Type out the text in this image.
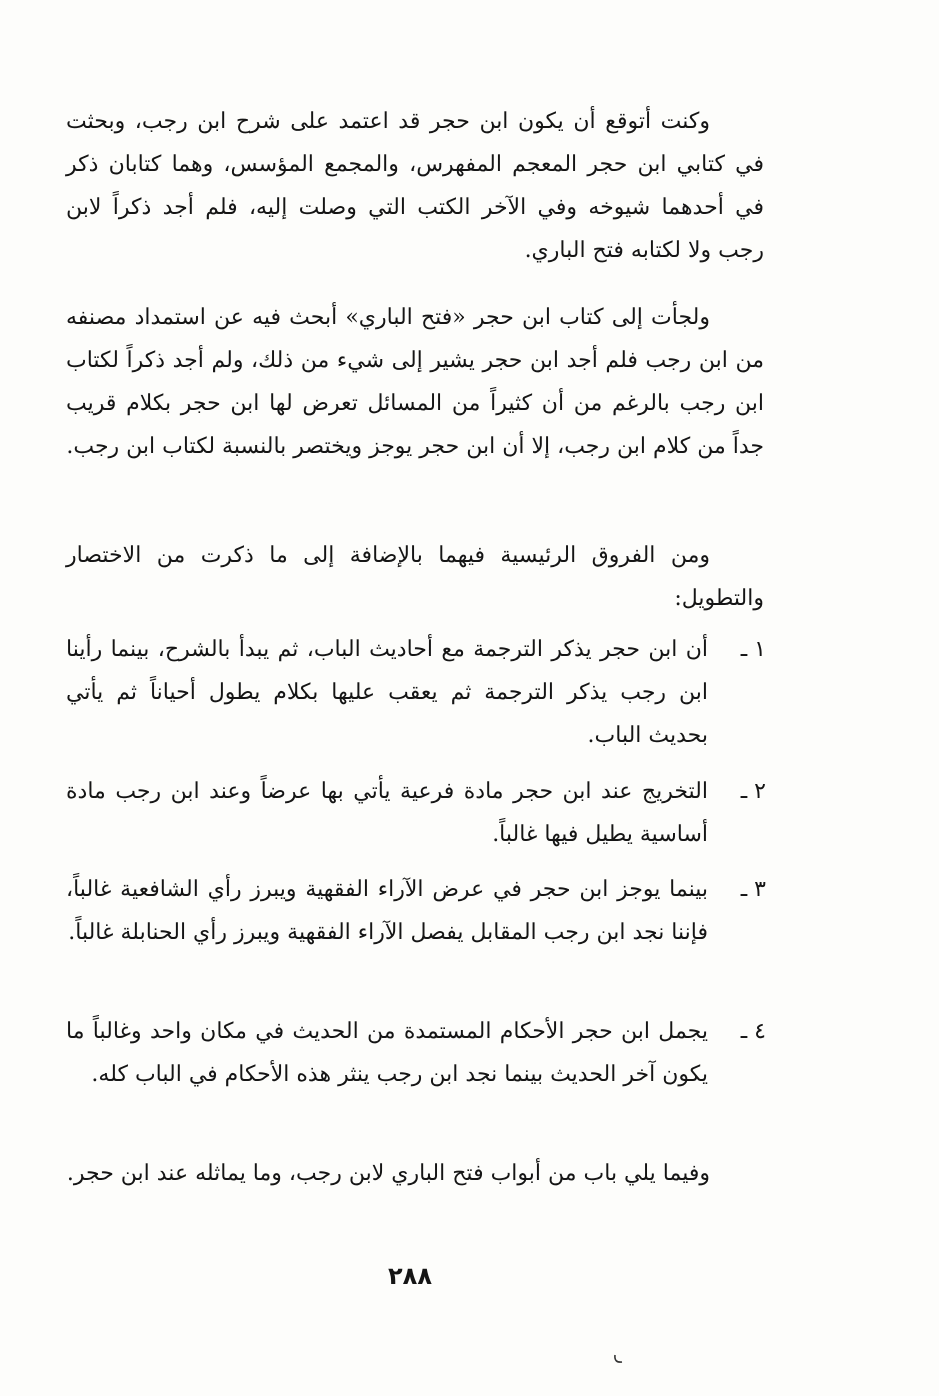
وكنت أتوقع أن يكون ابن حجر قد اعتمد على شرح ابن رجب، وبحثت في كتابي ابن حجر المعجم المفهرس، والمجمع المؤسس، وهما كتابان ذكر في أحدهما شيوخه وفي الآخر الكتب التي وصلت إليه، فلم أجد ذكراً لابن رجب ولا لكتابه فتح الباري.

ولجأت إلى كتاب ابن حجر «فتح الباري» أبحث فيه عن استمداد مصنفه من ابن رجب فلم أجد ابن حجر يشير إلى شيء من ذلك، ولم أجد ذكراً لكتاب ابن رجب بالرغم من أن كثيراً من المسائل تعرض لها ابن حجر بكلام قريب جداً من كلام ابن رجب، إلا أن ابن حجر يوجز ويختصر بالنسبة لكتاب ابن رجب.

ومن الفروق الرئيسية فيهما بالإضافة إلى ما ذكرت من الاختصار والتطويل:

١ ـ
أن ابن حجر يذكر الترجمة مع أحاديث الباب، ثم يبدأ بالشرح، بينما رأينا ابن رجب يذكر الترجمة ثم يعقب عليها بكلام يطول أحياناً ثم يأتي بحديث الباب.
٢ ـ
التخريج عند ابن حجر مادة فرعية يأتي بها عرضاً وعند ابن رجب مادة أساسية يطيل فيها غالباً.
٣ ـ
بينما يوجز ابن حجر في عرض الآراء الفقهية ويبرز رأي الشافعية غالباً، فإننا نجد ابن رجب المقابل يفصل الآراء الفقهية ويبرز رأي الحنابلة غالباً.
٤ ـ
يجمل ابن حجر الأحكام المستمدة من الحديث في مكان واحد وغالباً ما يكون آخر الحديث بينما نجد ابن رجب ينثر هذه الأحكام في الباب كله.

وفيما يلي باب من أبواب فتح الباري لابن رجب، وما يماثله عند ابن حجر.

٢٨٨
